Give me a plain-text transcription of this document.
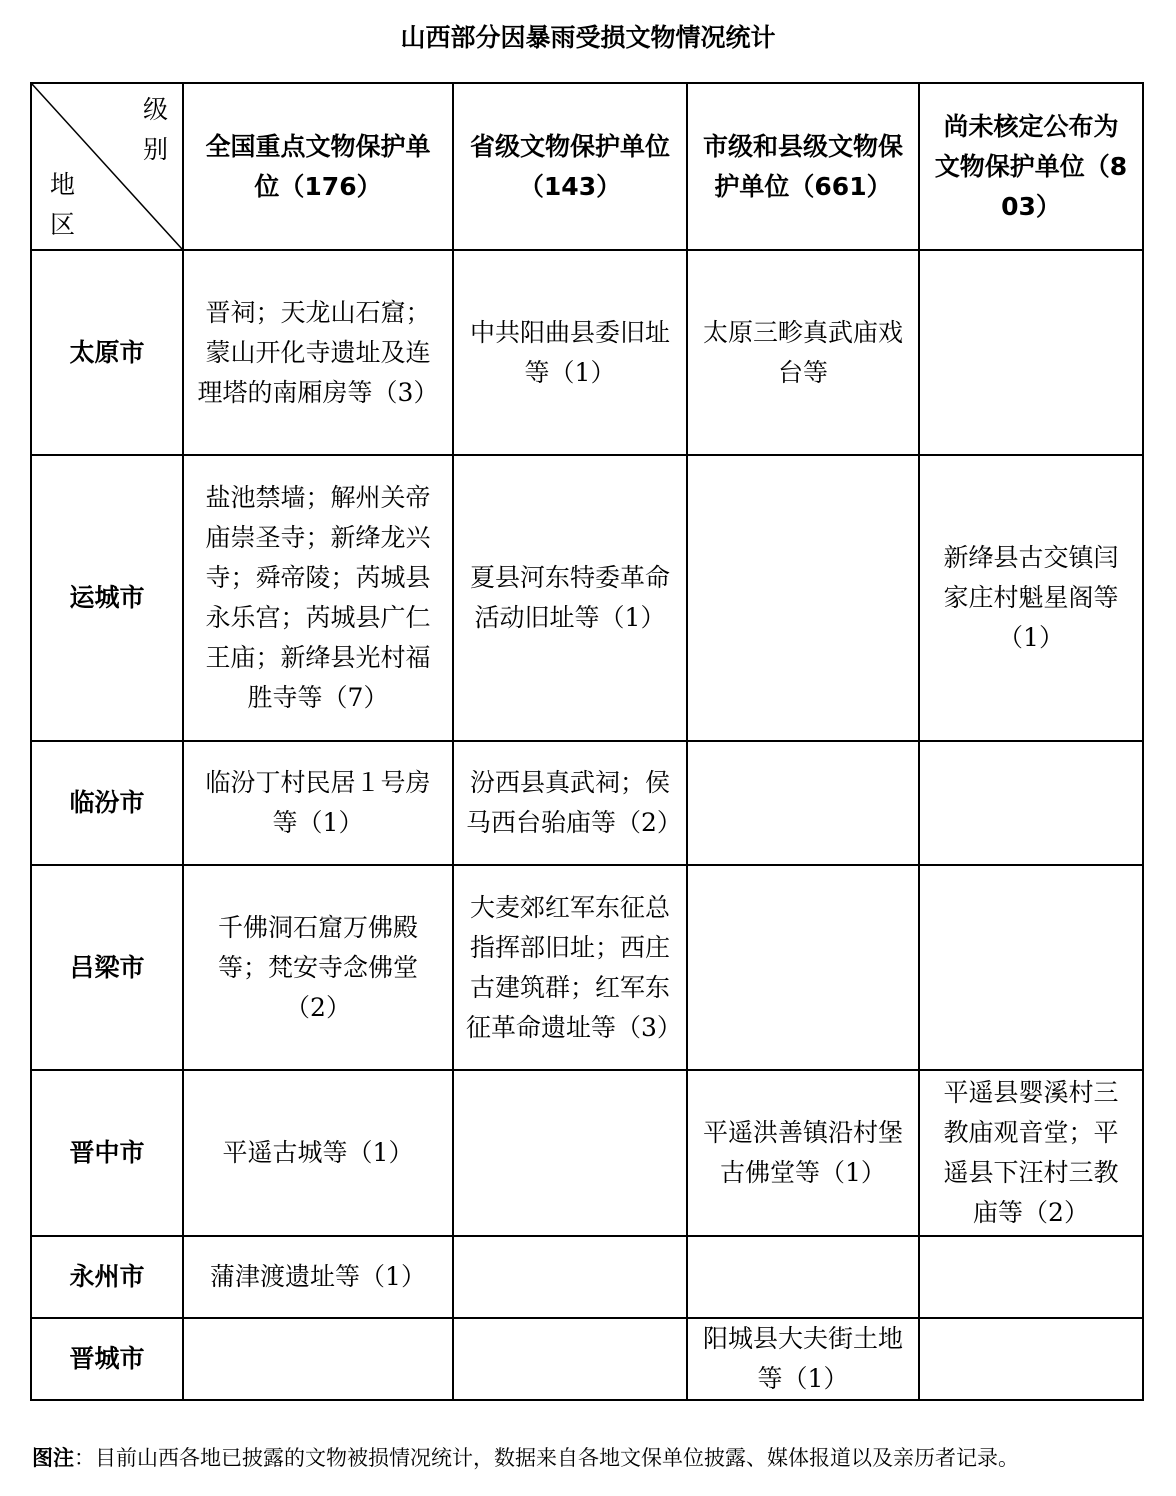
山西部分因暴雨受损文物情况统计
级
别
地
区	全国重点文物保护单位（176）	省级文物保护单位（143）	市级和县级文物保护单位（661）	尚未核定公布为文物保护单位（803）
太原市	晋祠；天龙山石窟；蒙山开化寺遗址及连理塔的南厢房等（3）	中共阳曲县委旧址等（1）	太原三畛真武庙戏台等	
运城市	盐池禁墙；解州关帝庙崇圣寺；新绛龙兴寺；舜帝陵；芮城县永乐宫；芮城县广仁王庙；新绛县光村福胜寺等（7）	夏县河东特委革命活动旧址等（1）		新绛县古交镇闫家庄村魁星阁等（1）
临汾市	临汾丁村民居１号房等（1）	汾西县真武祠；侯马西台骀庙等（2）		
吕梁市	千佛洞石窟万佛殿等；梵安寺念佛堂（2）	大麦郊红军东征总指挥部旧址；西庄古建筑群；红军东征革命遗址等（3）		
晋中市	平遥古城等（1）		平遥洪善镇沿村堡古佛堂等（1）	平遥县婴溪村三教庙观音堂；平遥县下汪村三教庙等（2）
永州市	蒲津渡遗址等（1）			
晋城市			阳城县大夫街土地等（1）	
图注：目前山西各地已披露的文物被损情况统计，数据来自各地文保单位披露、媒体报道以及亲历者记录。
